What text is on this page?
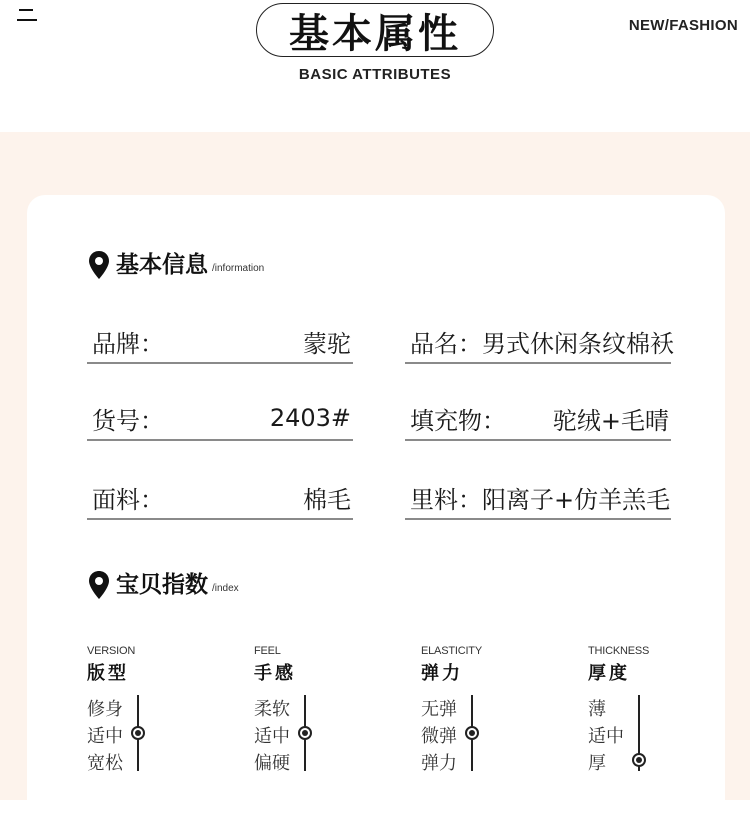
基本属性
BASIC ATTRIBUTES
NEW/FASHION
基本信息 /information
品牌：	蒙驼 品名： 男式休闲条纹棉袄
货号：	2403# 填充物： 驼绒+毛晴
面料：	棉毛 里料： 阳离子+仿羊羔毛
宝贝指数 /index
VERSION
版型
修身
适中
宽松
FEEL
手感
柔软
适中
偏硬
ELASTICITY
弹力
无弹
微弹
弹力
THICKNESS
厚度
薄
适中
厚
